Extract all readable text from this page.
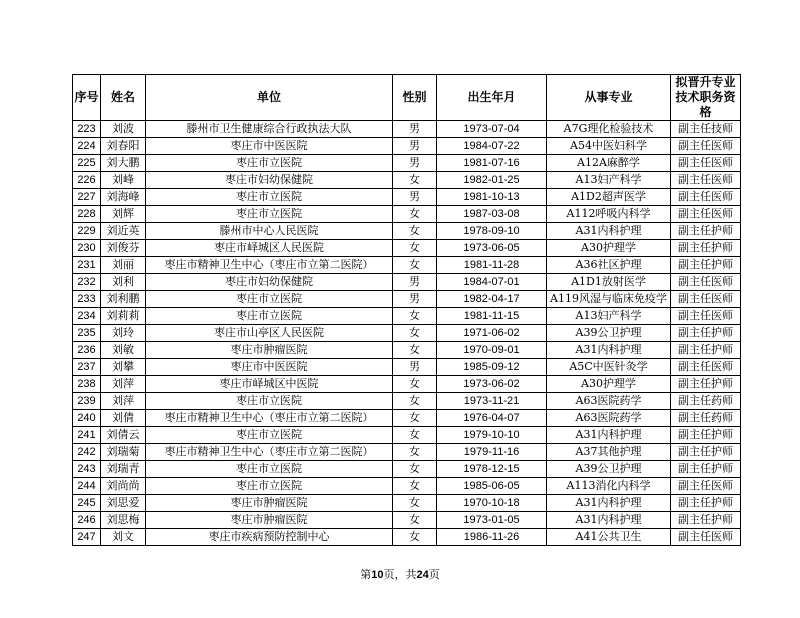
序号	姓名	单位	性别	出生年月	从事专业	拟晋升专业技术职务资格
223	刘波	滕州市卫生健康综合行政执法大队	男	1973-07-04	A7G理化检验技术	副主任技师
224	刘春阳	枣庄市中医医院	男	1984-07-22	A54中医妇科学	副主任医师
225	刘大鹏	枣庄市立医院	男	1981-07-16	A12A麻醉学	副主任医师
226	刘峰	枣庄市妇幼保健院	女	1982-01-25	A13妇产科学	副主任医师
227	刘海峰	枣庄市立医院	男	1981-10-13	A1D2超声医学	副主任医师
228	刘辉	枣庄市立医院	女	1987-03-08	A112呼吸内科学	副主任医师
229	刘近英	滕州市中心人民医院	女	1978-09-10	A31内科护理	副主任护师
230	刘俊芬	枣庄市峄城区人民医院	女	1973-06-05	A30护理学	副主任护师
231	刘丽	枣庄市精神卫生中心（枣庄市立第二医院）	女	1981-11-28	A36社区护理	副主任护师
232	刘利	枣庄市妇幼保健院	男	1984-07-01	A1D1放射医学	副主任医师
233	刘利鹏	枣庄市立医院	男	1982-04-17	A119风湿与临床免疫学	副主任医师
234	刘莉莉	枣庄市立医院	女	1981-11-15	A13妇产科学	副主任医师
235	刘玲	枣庄市山亭区人民医院	女	1971-06-02	A39公卫护理	副主任护师
236	刘敏	枣庄市肿瘤医院	女	1970-09-01	A31内科护理	副主任护师
237	刘攀	枣庄市中医医院	男	1985-09-12	A5C中医针灸学	副主任医师
238	刘萍	枣庄市峄城区中医院	女	1973-06-02	A30护理学	副主任护师
239	刘萍	枣庄市立医院	女	1973-11-21	A63医院药学	副主任药师
240	刘倩	枣庄市精神卫生中心（枣庄市立第二医院）	女	1976-04-07	A63医院药学	副主任药师
241	刘倩云	枣庄市立医院	女	1979-10-10	A31内科护理	副主任护师
242	刘瑞菊	枣庄市精神卫生中心（枣庄市立第二医院）	女	1979-11-16	A37其他护理	副主任护师
243	刘瑞青	枣庄市立医院	女	1978-12-15	A39公卫护理	副主任护师
244	刘尚尚	枣庄市立医院	女	1985-06-05	A113消化内科学	副主任医师
245	刘思爱	枣庄市肿瘤医院	女	1970-10-18	A31内科护理	副主任护师
246	刘思梅	枣庄市肿瘤医院	女	1973-01-05	A31内科护理	副主任护师
247	刘文	枣庄市疾病预防控制中心	女	1986-11-26	A41公共卫生	副主任医师
第10页，共24页
